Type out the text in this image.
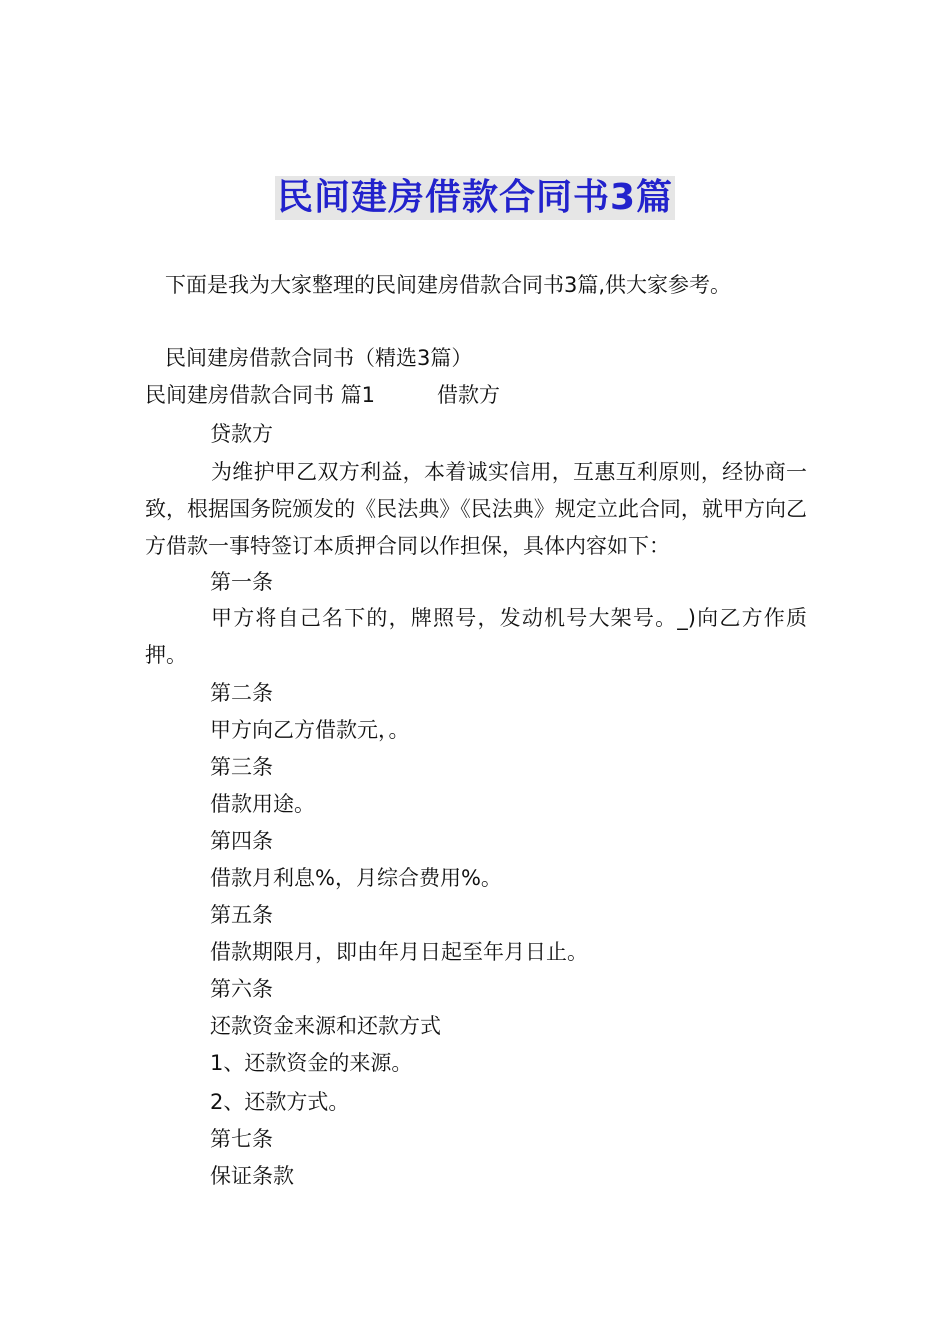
民间建房借款合同书3篇
下面是我为大家整理的民间建房借款合同书3篇,供大家参考。
民间建房借款合同书（精选3篇）
民间建房借款合同书 篇1	借款方
贷款方
为维护甲乙双方利益，本着诚实信用，互惠互利原则，经协商一致，根据国务院颁发的《民法典》《民法典》规定立此合同，就甲方向乙方借款一事特签订本质押合同以作担保，具体内容如下：
第一条
甲方将自己名下的，牌照号，发动机号大架号。_)向乙方作质押。
第二条
甲方向乙方借款元，。
第三条
借款用途。
第四条
借款月利息%，月综合费用%。
第五条
借款期限月，即由年月日起至年月日止。
第六条
还款资金来源和还款方式
1、还款资金的来源。
2、还款方式。
第七条
保证条款
